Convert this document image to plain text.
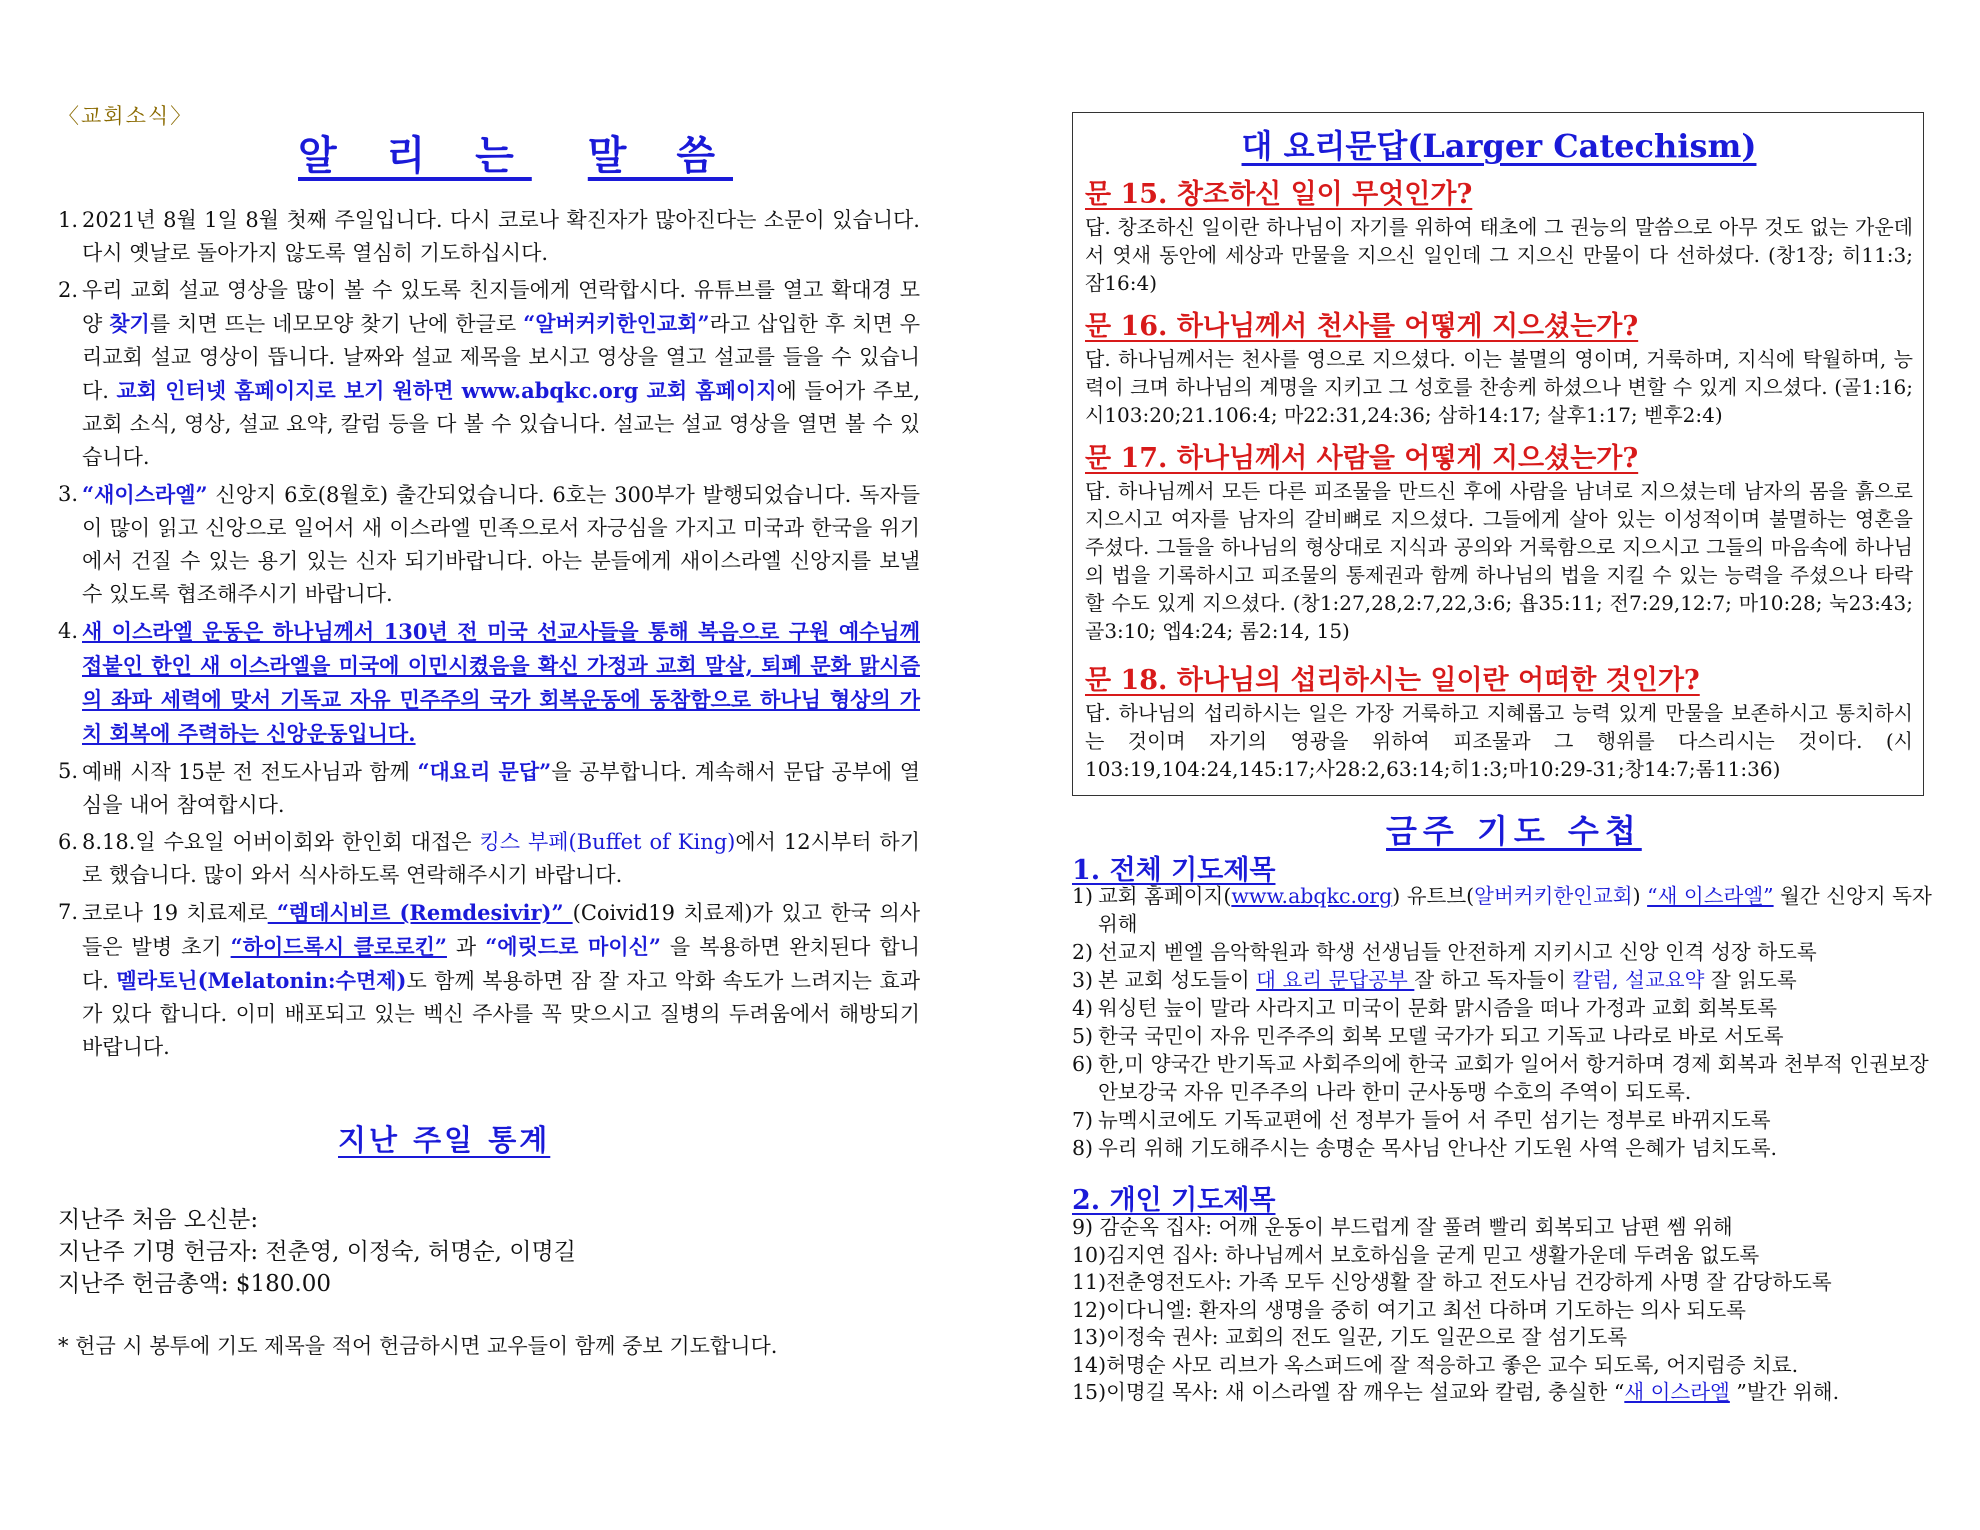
〈교회소식〉
알 리 는 말 씀
1. 2021년 8월 1일 8월 첫째 주일입니다. 다시 코로나 확진자가 많아진다는 소문이 있습니다. 다시 옛날로 돌아가지 않도록 열심히 기도하십시다.
2. 우리 교회 설교 영상을 많이 볼 수 있도록 친지들에게 연락합시다. 유튜브를 열고 확대경 모양 찾기를 치면 뜨는 네모모양 찾기 난에 한글로 “알버커키한인교회”라고 삽입한 후 치면 우리교회 설교 영상이 뜹니다. 날짜와 설교 제목을 보시고 영상을 열고 설교를 들을 수 있습니다. 교회 인터넷 홈페이지로 보기 원하면 www.abqkc.org 교회 홈페이지에 들어가 주보, 교회 소식, 영상, 설교 요약, 칼럼 등을 다 볼 수 있습니다. 설교는 설교 영상을 열면 볼 수 있습니다.
3. “새이스라엘” 신앙지 6호(8월호) 출간되었습니다. 6호는 300부가 발행되었습니다. 독자들이 많이 읽고 신앙으로 일어서 새 이스라엘 민족으로서 자긍심을 가지고 미국과 한국을 위기에서 건질 수 있는 용기 있는 신자 되기바랍니다. 아는 분들에게 새이스라엘 신앙지를 보낼 수 있도록 협조해주시기 바랍니다.
4. 새 이스라엘 운동은 하나님께서 130년 전 미국 선교사들을 통해 복음으로 구원 예수님께 접붙인 한인 새 이스라엘을 미국에 이민시켰음을 확신 가정과 교회 말살, 퇴폐 문화 맑시즘의 좌파 세력에 맞서 기독교 자유 민주주의 국가 회복운동에 동참함으로 하나님 형상의 가치 회복에 주력하는 신앙운동입니다.
5. 예배 시작 15분 전 전도사님과 함께 “대요리 문답”을 공부합니다. 계속해서 문답 공부에 열심을 내어 참여합시다.
6. 8.18.일 수요일 어버이회와 한인회 대접은 킹스 부페(Buffet of King)에서 12시부터 하기로 했습니다. 많이 와서 식사하도록 연락해주시기 바랍니다.
7. 코로나 19 치료제로 “렘데시비르 (Remdesivir)” (Coivid19 치료제)가 있고 한국 의사들은 발병 초기 “하이드록시 클로로킨” 과 “에릿드로 마이신” 을 복용하면 완치된다 합니다. 멜라토닌(Melatonin:수면제)도 함께 복용하면 잠 잘 자고 악화 속도가 느려지는 효과가 있다 합니다. 이미 배포되고 있는 벡신 주사를 꼭 맞으시고 질병의 두려움에서 해방되기 바랍니다.
지난 주일 통계
지난주 처음 오신분:
지난주 기명 헌금자: 전춘영, 이정숙, 허명순, 이명길
지난주 헌금총액: $180.00
* 헌금 시 봉투에 기도 제목을 적어 헌금하시면 교우들이 함께 중보 기도합니다.
대 요리문답(Larger Catechism)
문 15. 창조하신 일이 무엇인가?
답. 창조하신 일이란 하나님이 자기를 위하여 태초에 그 권능의 말씀으로 아무 것도 없는 가운데서 엿새 동안에 세상과 만물을 지으신 일인데 그 지으신 만물이 다 선하셨다. (창1장; 히11:3; 잠16:4)
문 16. 하나님께서 천사를 어떻게 지으셨는가?
답. 하나님께서는 천사를 영으로 지으셨다. 이는 불멸의 영이며, 거룩하며, 지식에 탁월하며, 능력이 크며 하나님의 계명을 지키고 그 성호를 찬송케 하셨으나 변할 수 있게 지으셨다. (골1:16; 시103:20;21.106:4; 마22:31,24:36; 삼하14:17; 살후1:17; 벧후2:4)
문 17. 하나님께서 사람을 어떻게 지으셨는가?
답. 하나님께서 모든 다른 피조물을 만드신 후에 사람을 남녀로 지으셨는데 남자의 몸을 흙으로 지으시고 여자를 남자의 갈비뼈로 지으셨다. 그들에게 살아 있는 이성적이며 불멸하는 영혼을 주셨다. 그들을 하나님의 형상대로 지식과 공의와 거룩함으로 지으시고 그들의 마음속에 하나님의 법을 기록하시고 피조물의 통제권과 함께 하나님의 법을 지킬 수 있는 능력을 주셨으나 타락할 수도 있게 지으셨다. (창1:27,28,2:7,22,3:6; 욥35:11; 전7:29,12:7; 마10:28; 눅23:43; 골3:10; 엡4:24; 롬2:14, 15)
문 18. 하나님의 섭리하시는 일이란 어떠한 것인가?
답. 하나님의 섭리하시는 일은 가장 거룩하고 지혜롭고 능력 있게 만물을 보존하시고 통치하시는 것이며 자기의 영광을 위하여 피조물과 그 행위를 다스리시는 것이다. (시103:19,104:24,145:17;사28:2,63:14;히1:3;마10:29-31;창14:7;롬11:36)
금주 기도 수첩
1. 전체 기도제목
1) 교회 홈페이지(www.abqkc.org) 유트브(알버커키한인교회) “새 이스라엘” 월간 신앙지 독자 위해
2) 선교지 벧엘 음악학원과 학생 선생님들 안전하게 지키시고 신앙 인격 성장 하도록
3) 본 교회 성도들이 대 요리 문답공부 잘 하고 독자들이 칼럼, 설교요약 잘 읽도록
4) 워싱턴 늪이 말라 사라지고 미국이 문화 맑시즘을 떠나 가정과 교회 회복토록
5) 한국 국민이 자유 민주주의 회복 모델 국가가 되고 기독교 나라로 바로 서도록
6) 한,미 양국간 반기독교 사회주의에 한국 교회가 일어서 항거하며 경제 회복과 천부적 인권보장 안보강국 자유 민주주의 나라 한미 군사동맹 수호의 주역이 되도록.
7) 뉴멕시코에도 기독교편에 선 정부가 들어 서 주민 섬기는 정부로 바뀌지도록
8) 우리 위해 기도해주시는 송명순 목사님 안나산 기도원 사역 은혜가 넘치도록.
2. 개인 기도제목
9) 감순옥 집사: 어깨 운동이 부드럽게 잘 풀려 빨리 회복되고 남편 쎔 위해
10)김지연 집사: 하나님께서 보호하심을 굳게 믿고 생활가운데 두려움 없도록
11)전춘영전도사: 가족 모두 신앙생활 잘 하고 전도사님 건강하게 사명 잘 감당하도록
12)이다니엘: 환자의 생명을 중히 여기고 최선 다하며 기도하는 의사 되도록
13)이정숙 권사: 교회의 전도 일꾼, 기도 일꾼으로 잘 섬기도록
14)허명순 사모 리브가 옥스퍼드에 잘 적응하고 좋은 교수 되도록, 어지럼증 치료.
15)이명길 목사: 새 이스라엘 잠 깨우는 설교와 칼럼, 충실한 “새 이스라엘 ”발간 위해.
